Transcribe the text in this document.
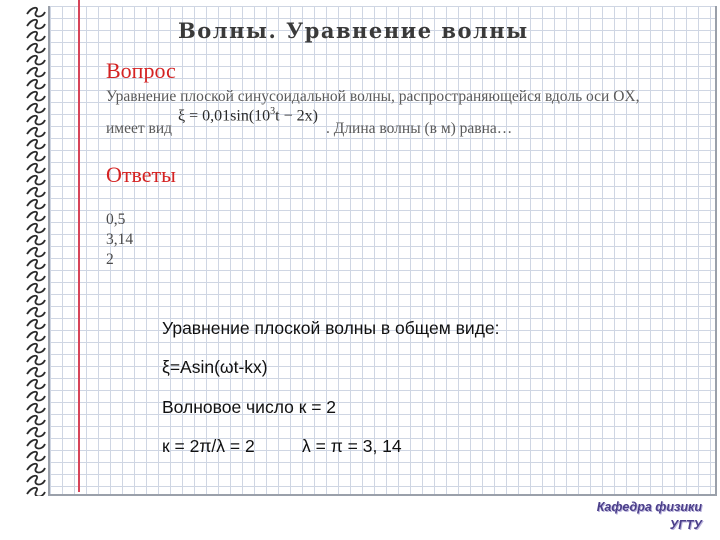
Волны. Уравнение волны
Вопрос
Уравнение плоской синусоидальной волны, распространяющейся вдоль оси OX,
имеет вид
$\xi = 0,01\sin(10^3t - 2x)$
. Длина волны (в м) равна…
Ответы
0,5
3,14
2
Уравнение плоской волны в общем виде:
ξ=Asin(ωt-kx)
Волновое число к = 2
к = 2π/λ = 2	λ = π = 3, 14
Кафедра физики
УГТУ
